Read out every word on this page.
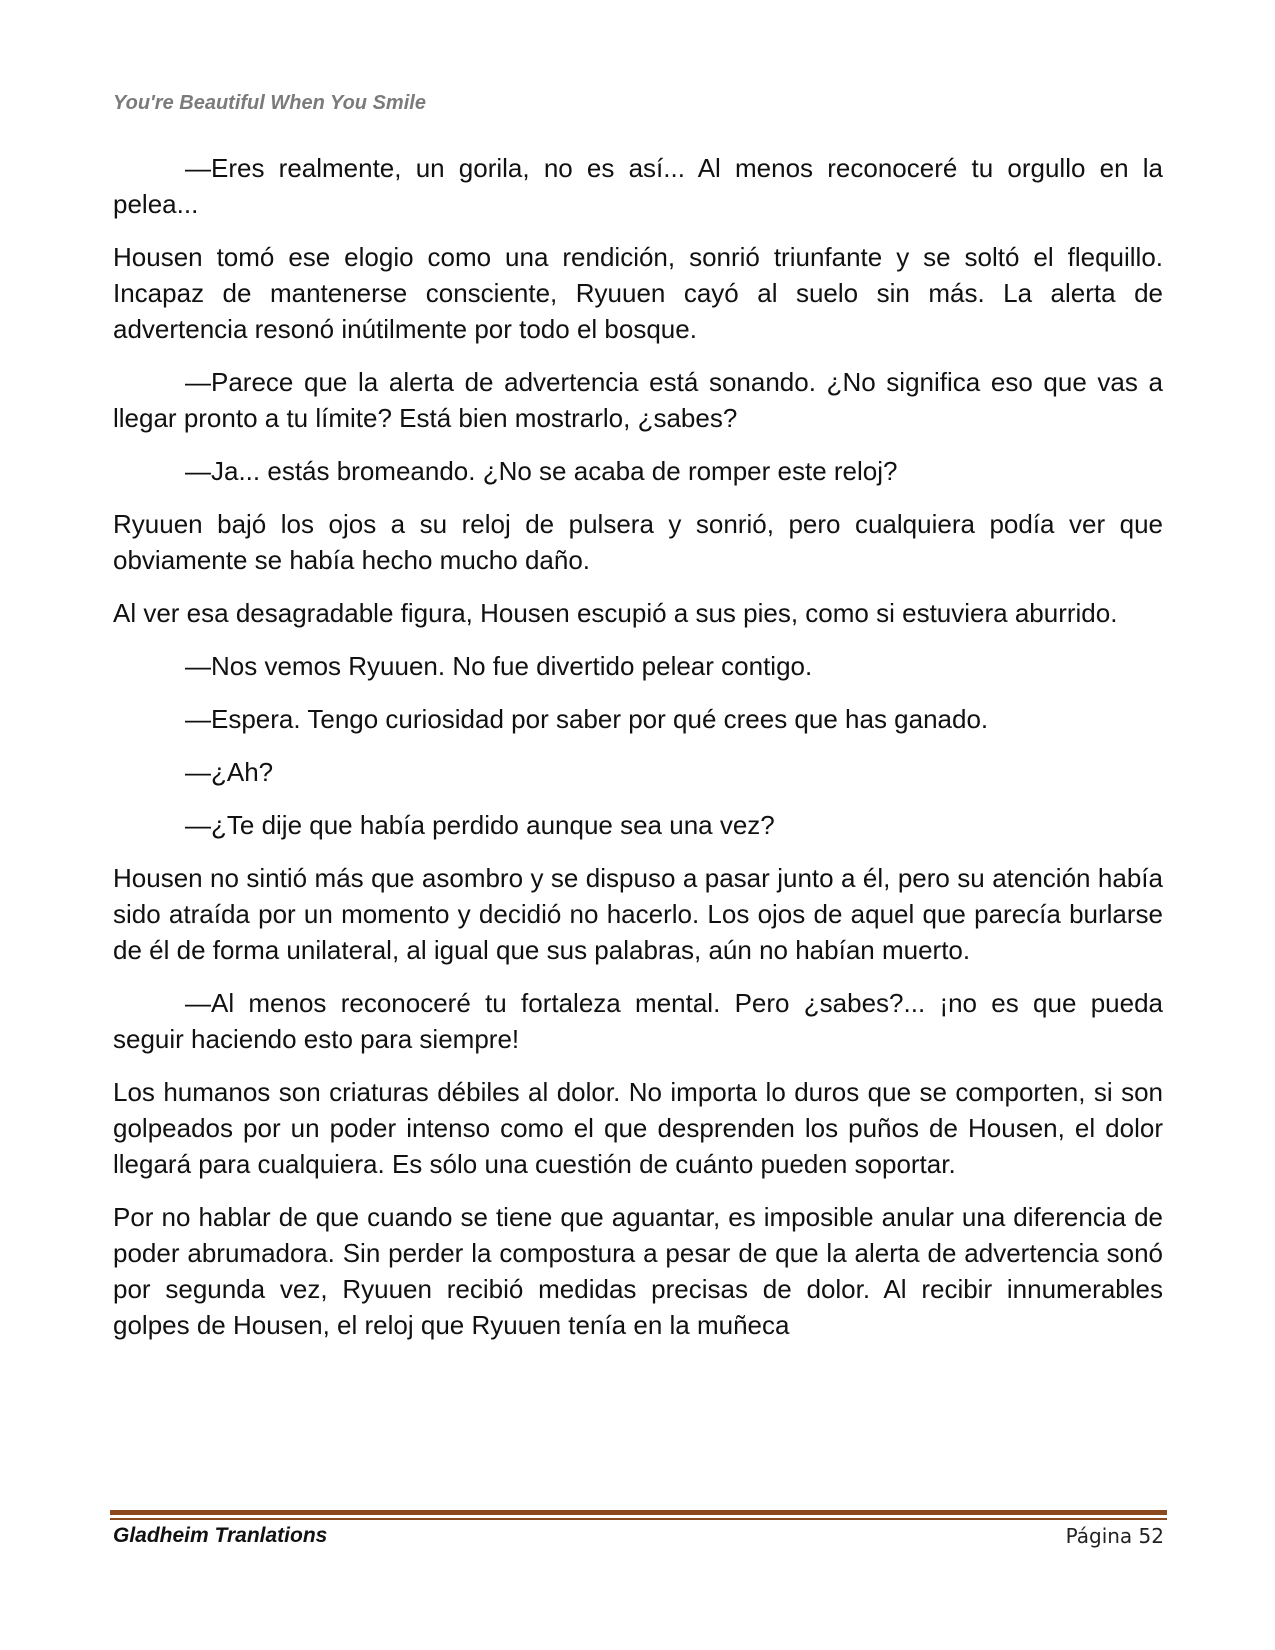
You're Beautiful When You Smile

—Eres realmente, un gorila, no es así... Al menos reconoceré tu orgullo en la pelea...

Housen tomó ese elogio como una rendición, sonrió triunfante y se soltó el flequillo. Incapaz de mantenerse consciente, Ryuuen cayó al suelo sin más. La alerta de advertencia resonó inútilmente por todo el bosque.

—Parece que la alerta de advertencia está sonando. ¿No significa eso que vas a llegar pronto a tu límite? Está bien mostrarlo, ¿sabes?

—Ja... estás bromeando. ¿No se acaba de romper este reloj?

Ryuuen bajó los ojos a su reloj de pulsera y sonrió, pero cualquiera podía ver que obviamente se había hecho mucho daño.

Al ver esa desagradable figura, Housen escupió a sus pies, como si estuviera aburrido.

—Nos vemos Ryuuen. No fue divertido pelear contigo.

—Espera. Tengo curiosidad por saber por qué crees que has ganado.

—¿Ah?

—¿Te dije que había perdido aunque sea una vez?

Housen no sintió más que asombro y se dispuso a pasar junto a él, pero su atención había sido atraída por un momento y decidió no hacerlo. Los ojos de aquel que parecía burlarse de él de forma unilateral, al igual que sus palabras, aún no habían muerto.

—Al menos reconoceré tu fortaleza mental. Pero ¿sabes?... ¡no es que pueda seguir haciendo esto para siempre!

Los humanos son criaturas débiles al dolor. No importa lo duros que se comporten, si son golpeados por un poder intenso como el que desprenden los puños de Housen, el dolor llegará para cualquiera. Es sólo una cuestión de cuánto pueden soportar.

Por no hablar de que cuando se tiene que aguantar, es imposible anular una diferencia de poder abrumadora. Sin perder la compostura a pesar de que la alerta de advertencia sonó por segunda vez, Ryuuen recibió medidas precisas de dolor. Al recibir innumerables golpes de Housen, el reloj que Ryuuen tenía en la muñeca

Gladheim Tranlations	Página 52
